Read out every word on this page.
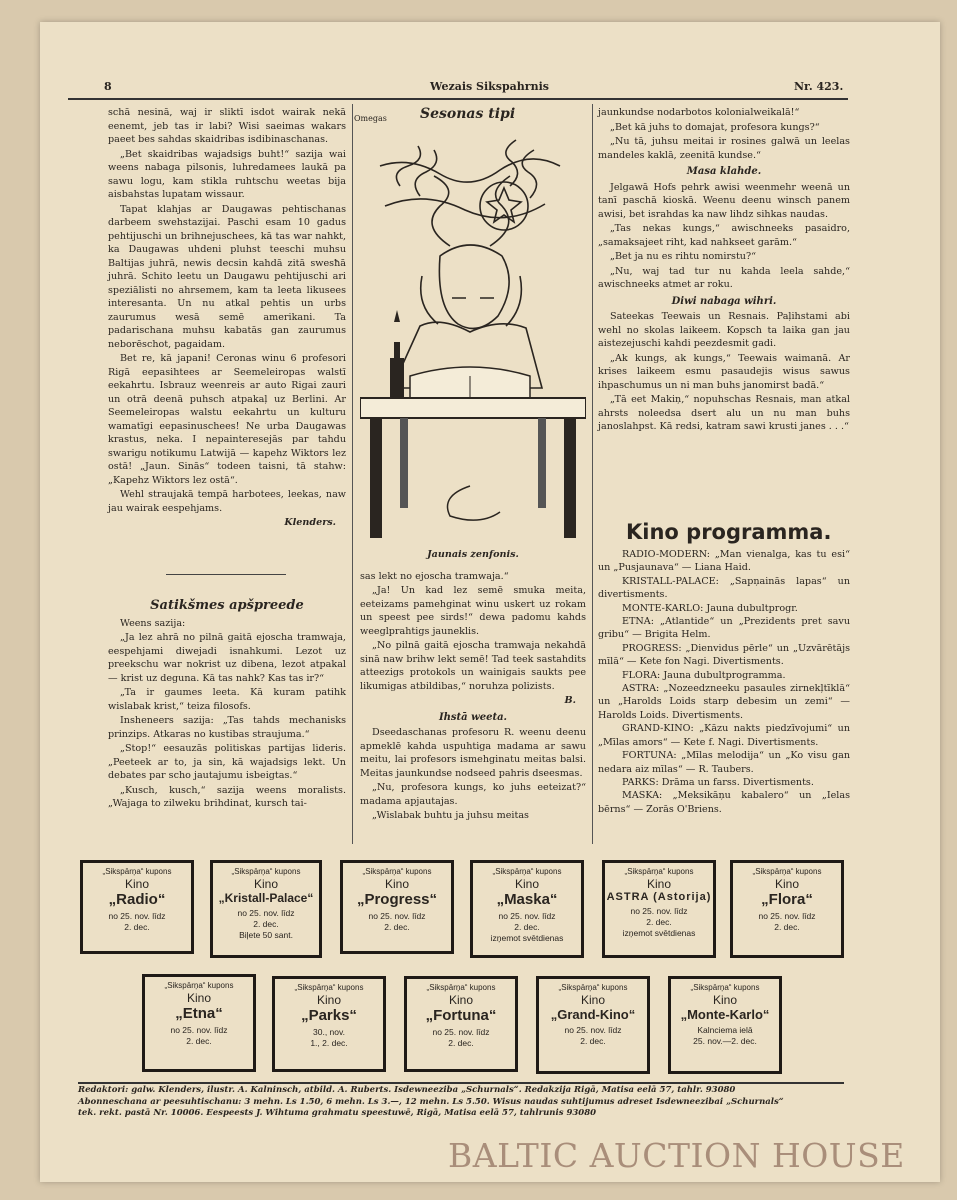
8	Wezais Sikspahrnis	Nr. 423.

schā nesinā, waj ir sliktī isdot wairak nekā eenemt, jeb tas ir labi? Wisi saeimas wakars paeet bes sahdas skaidribas isdibinaschanas.

„Bet skaidribas wajadsigs buht!“ sazija wai weens nabaga pilsonis, luhredamees laukā pa sawu logu, kam stikla ruhtschu weetas bija aisbahstas lupatam wissaur.

Tapat klahjas ar Daugawas pehtischanas darbeem swehstazijai. Paschi esam 10 gadus pehtijuschi un brihnejuschees, kā tas war nahkt, ka Daugawas uhdeni pluhst teeschi muhsu Baltijas juhrā, newis decsin kahdā zitā swesħā juhrā. Schito leetu un Daugawu pehtijuschi ari speziālisti no ahrsemem, kam ta leeta likusees interesanta. Un nu atkal pehtis un urbs zaurumus wesā semē amerikani. Ta padarischana muhsu kabatās gan zaurumus neborēschot, pagaidam.

Bet re, kā japani! Ceronas winu 6 profesori Rigā eepasihtees ar Seemeleiropas walstī eekahrtu. Isbrauz weenreis ar auto Rigai zauri un otrā deenā puhsch atpakaļ uz Berlini. Ar Seemeleiropas walstu eekahrtu un kulturu wamatīgi eepasinuschees! Ne urba Daugawas krastus, neka. I nepainteresejās par tahdu swarigu notikumu Latwijā — kapehz Wiktors lez ostā! „Jaun. Sinās“ todeen taisni, tā stahw: „Kapehz Wiktors lez ostā“.

Wehl straujakā tempā harbotees, leekas, naw jau wairak eespehjams.

Klenders.

Satikšmes apšpreede

Weens sazija:

„Ja lez ahrā no pilnā gaitā ejoscha tramwaja, eespehjami diwejadi isnahkumi. Lezot uz preekschu war nokrist uz dibena, lezot atpakal — krist uz deguna. Kā tas nahk? Kas tas ir?“

„Ta ir gaumes leeta. Kā kuram patihk wislabak krist,“ teiza filosofs.

Insheneers sazija: „Tas tahds mechanisks prinzips. Atkaras no kustibas straujuma.“

„Stop!“ eesauzās politiskas partijas lideris. „Peeteek ar to, ja sin, kā wajadsigs lekt. Un debates par scho jautajumu isbeigtas.“

„Kusch, kusch,“ sazija weens moralists. „Wajaga to zilweku brihdinat, kursch tai-

Omegas Sesonas tipi
Jaunais zenfonis.

sas lekt no ejoscha tramwaja.“

„Ja! Un kad lez semē smuka meita, eeteizams pamehginat winu uskert uz rokam un speest pee sirds!“ dewa padomu kahds weeglprahtigs jauneklis.

„No pilnā gaitā ejoscha tramwaja nekahdā sinā naw brihw lekt semē! Tad teek sastahdits atteezigs protokols un wainigais saukts pee likumigas atbildibas,“ noruhza polizists.

B.

Ihstā weeta.

Dseedaschanas profesoru R. weenu deenu apmeklē kahda uspuhtiga madama ar sawu meitu, lai profesors ismehginatu meitas balsi. Meitas jaunkundse nodseed pahris dseesmas.

„Nu, profesora kungs, ko juhs eeteizat?“ madama apjautajas.

„Wislabak buhtu ja juhsu meitas

jaunkundse nodarbotos kolonialweikalā!“

„Bet kā juhs to domajat, profesora kungs?“

„Nu tā, juhsu meitai ir rosines galwā un leelas mandeles kaklā, zeenitā kundse.“

Masa klahde.

Jelgawā Hofs pehrk awisi weenmehr weenā un tanī paschā kioskā. Weenu deenu winsch panem awisi, bet israhdas ka naw lihdz sihkas naudas.

„Tas nekas kungs,“ awischneeks pasaidro, „samaksajeet riht, kad nahkseet garām.“

„Bet ja nu es rihtu nomirstu?“

„Nu, waj tad tur nu kahda leela sahde,“ awischneeks atmet ar roku.

Diwi nabaga wihri.

Sateekas Teewais un Resnais. Paļihstami abi wehl no skolas laikeem. Kopsch ta laika gan jau aistezejuschi kahdi peezdesmit gadi.

„Ak kungs, ak kungs,“ Teewais waimanā. Ar krises laikeem esmu pasaudejis wisus sawus ihpaschumus un ni man buhs janomirst badā.“

„Tā eet Makiņ,“ nopuhschas Resnais, man atkal ahrsts noleedsa dsert alu un nu man buhs janoslahpst. Kā redsi, katram sawi krusti janes . . .“

Kino programma.

RADIO-MODERN: „Man vienalga, kas tu esi“ un „Pusjaunava“ — Liana Haid.

KRISTALL-PALACE: „Sapņainās lapas“ un divertisments.

MONTE-KARLO: Jauna dubultprogr.

ETNA: „Atlantide“ un „Prezidents pret savu gribu“ — Brigita Helm.

PROGRESS: „Dienvidus pērle“ un „Uzvārētājs mīlā“ — Kete fon Nagi. Divertisments.

FLORA: Jauna dubultprogramma.

ASTRA: „Nozeedzneeku pasaules zirnekļtīklā“ un „Harolds Loids starp debesim un zemi“ — Harolds Loids. Divertisments.

GRAND-KINO: „Kāzu nakts piedzīvojumi“ un „Mīlas amors“ — Kete f. Nagi. Divertisments.

FORTUNA: „Mīlas melodija“ un „Ko visu gan nedara aiz mīlas“ — R. Taubers.

PARKS: Drāma un farss. Divertisments.

MASKA: „Meksikāņu kabalero“ un „Ielas bērns“ — Zorās O'Briens.

„Sikspārņa“ kupons
Kino
„Radio“
no 25. nov. līdz
2. dec.
„Sikspārņa“ kupons
Kino
„Kristall-Palace“
no 25. nov. līdz
2. dec.
Biļete 50 sant.
„Sikspārņa“ kupons
Kino
„Progress“
no 25. nov. līdz
2. dec.
„Sikspārņa“ kupons
Kino
„Maska“
no 25. nov. līdz
2. dec.
izņemot svētdienas
„Sikspārņa“ kupons
Kino
ASTRA (Astorija)
no 25. nov. līdz
2. dec.
izņemot svētdienas
„Sikspārņa“ kupons
Kino
„Flora“
no 25. nov. līdz
2. dec.
„Sikspārņa“ kupons
Kino
„Etna“
no 25. nov. līdz
2. dec.
„Sikspārņa“ kupons
Kino
„Parks“
30., nov.
1., 2. dec.
„Sikspārņa“ kupons
Kino
„Fortuna“
no 25. nov. līdz
2. dec.
„Sikspārņa“ kupons
Kino
„Grand-Kino“
no 25. nov. līdz
2. dec.
„Sikspārņa“ kupons
Kino
„Monte-Karlo“
Kalnciema ielā
25. nov.—2. dec.
Redaktori: galw. Klenders, ilustr. A. Kalninsch, atbild. A. Ruberts. Isdewneeziba „Schurnals“. Redakzija Rigā, Matisa eelā 57, tahlr. 93080
Abonneschana ar peesuhtischanu: 3 mehn. Ls 1.50, 6 mehn. Ls 3.—, 12 mehn. Ls 5.50. Wisus naudas suhtijumus adreset Isdewneezibai „Schurnals“
tek. rekt. pastā Nr. 10006. Eespeests J. Wihtuma grahmatu speestuwē, Rigā, Matisa eelā 57, tahlrunis 93080
BALTIC AUCTION HOUSE
